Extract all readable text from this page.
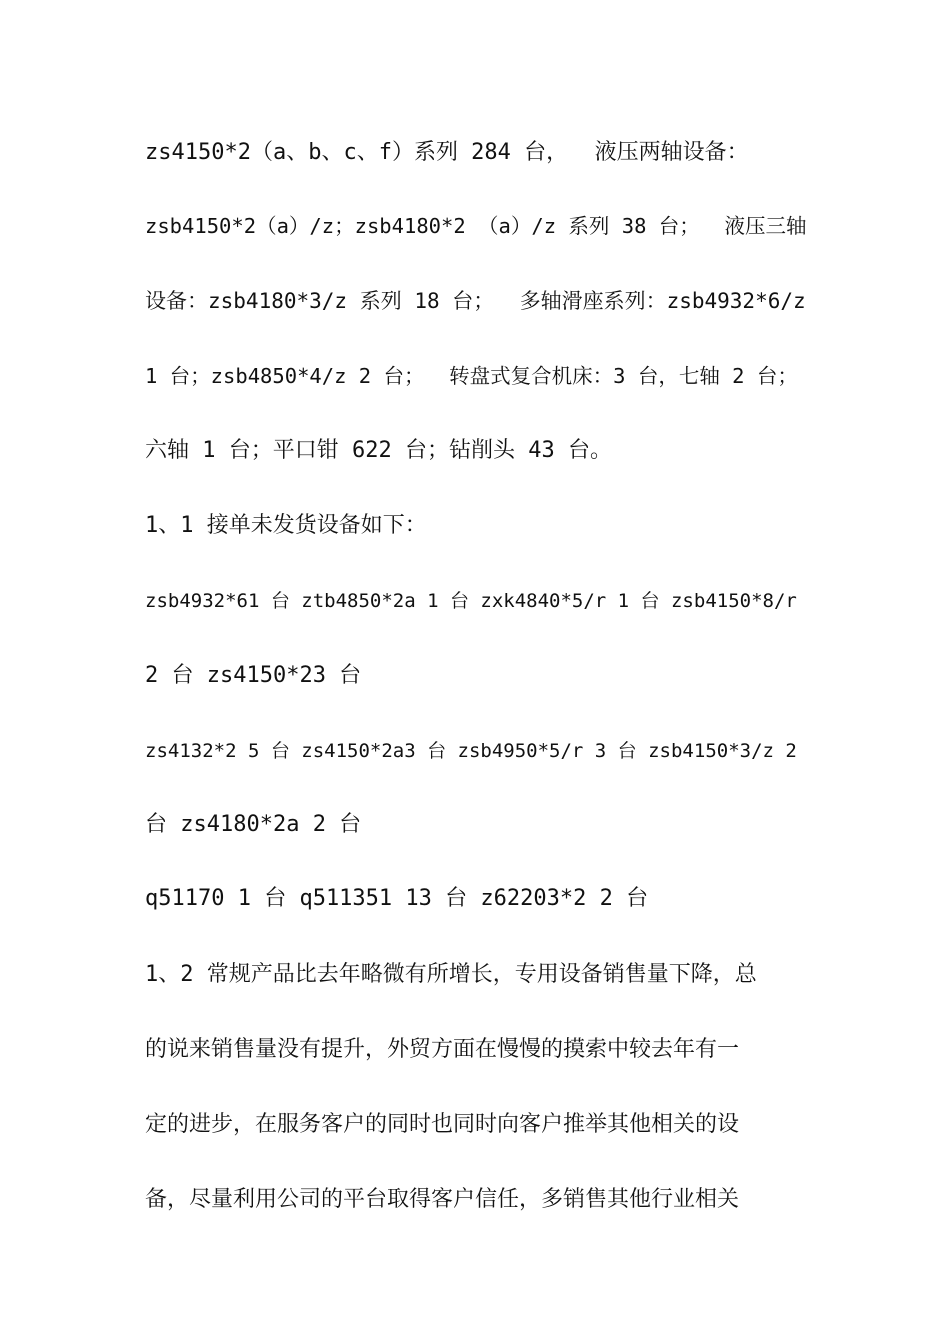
zs4150*2（a、b、c、f）系列 284 台，  液压两轴设备：
zsb4150*2（a）/z；zsb4180*2 （a）/z 系列 38 台；  液压三轴
设备：zsb4180*3/z 系列 18 台；  多轴滑座系列：zsb4932*6/z
1 台；zsb4850*4/z 2 台；  转盘式复合机床：3 台，七轴 2 台；
六轴 1 台；平口钳 622 台；钻削头 43 台。
1、1 接单未发货设备如下：
zsb4932*61 台 ztb4850*2a 1 台 zxk4840*5/r 1 台 zsb4150*8/r
2 台 zs4150*23 台
zs4132*2 5 台 zs4150*2a3 台 zsb4950*5/r 3 台 zsb4150*3/z 2
台 zs4180*2a 2 台
q51170 1 台 q511351 13 台 z62203*2 2 台
1、2 常规产品比去年略微有所增长，专用设备销售量下降，总
的说来销售量没有提升，外贸方面在慢慢的摸索中较去年有一
定的进步，在服务客户的同时也同时向客户推举其他相关的设
备，尽量利用公司的平台取得客户信任，多销售其他行业相关
